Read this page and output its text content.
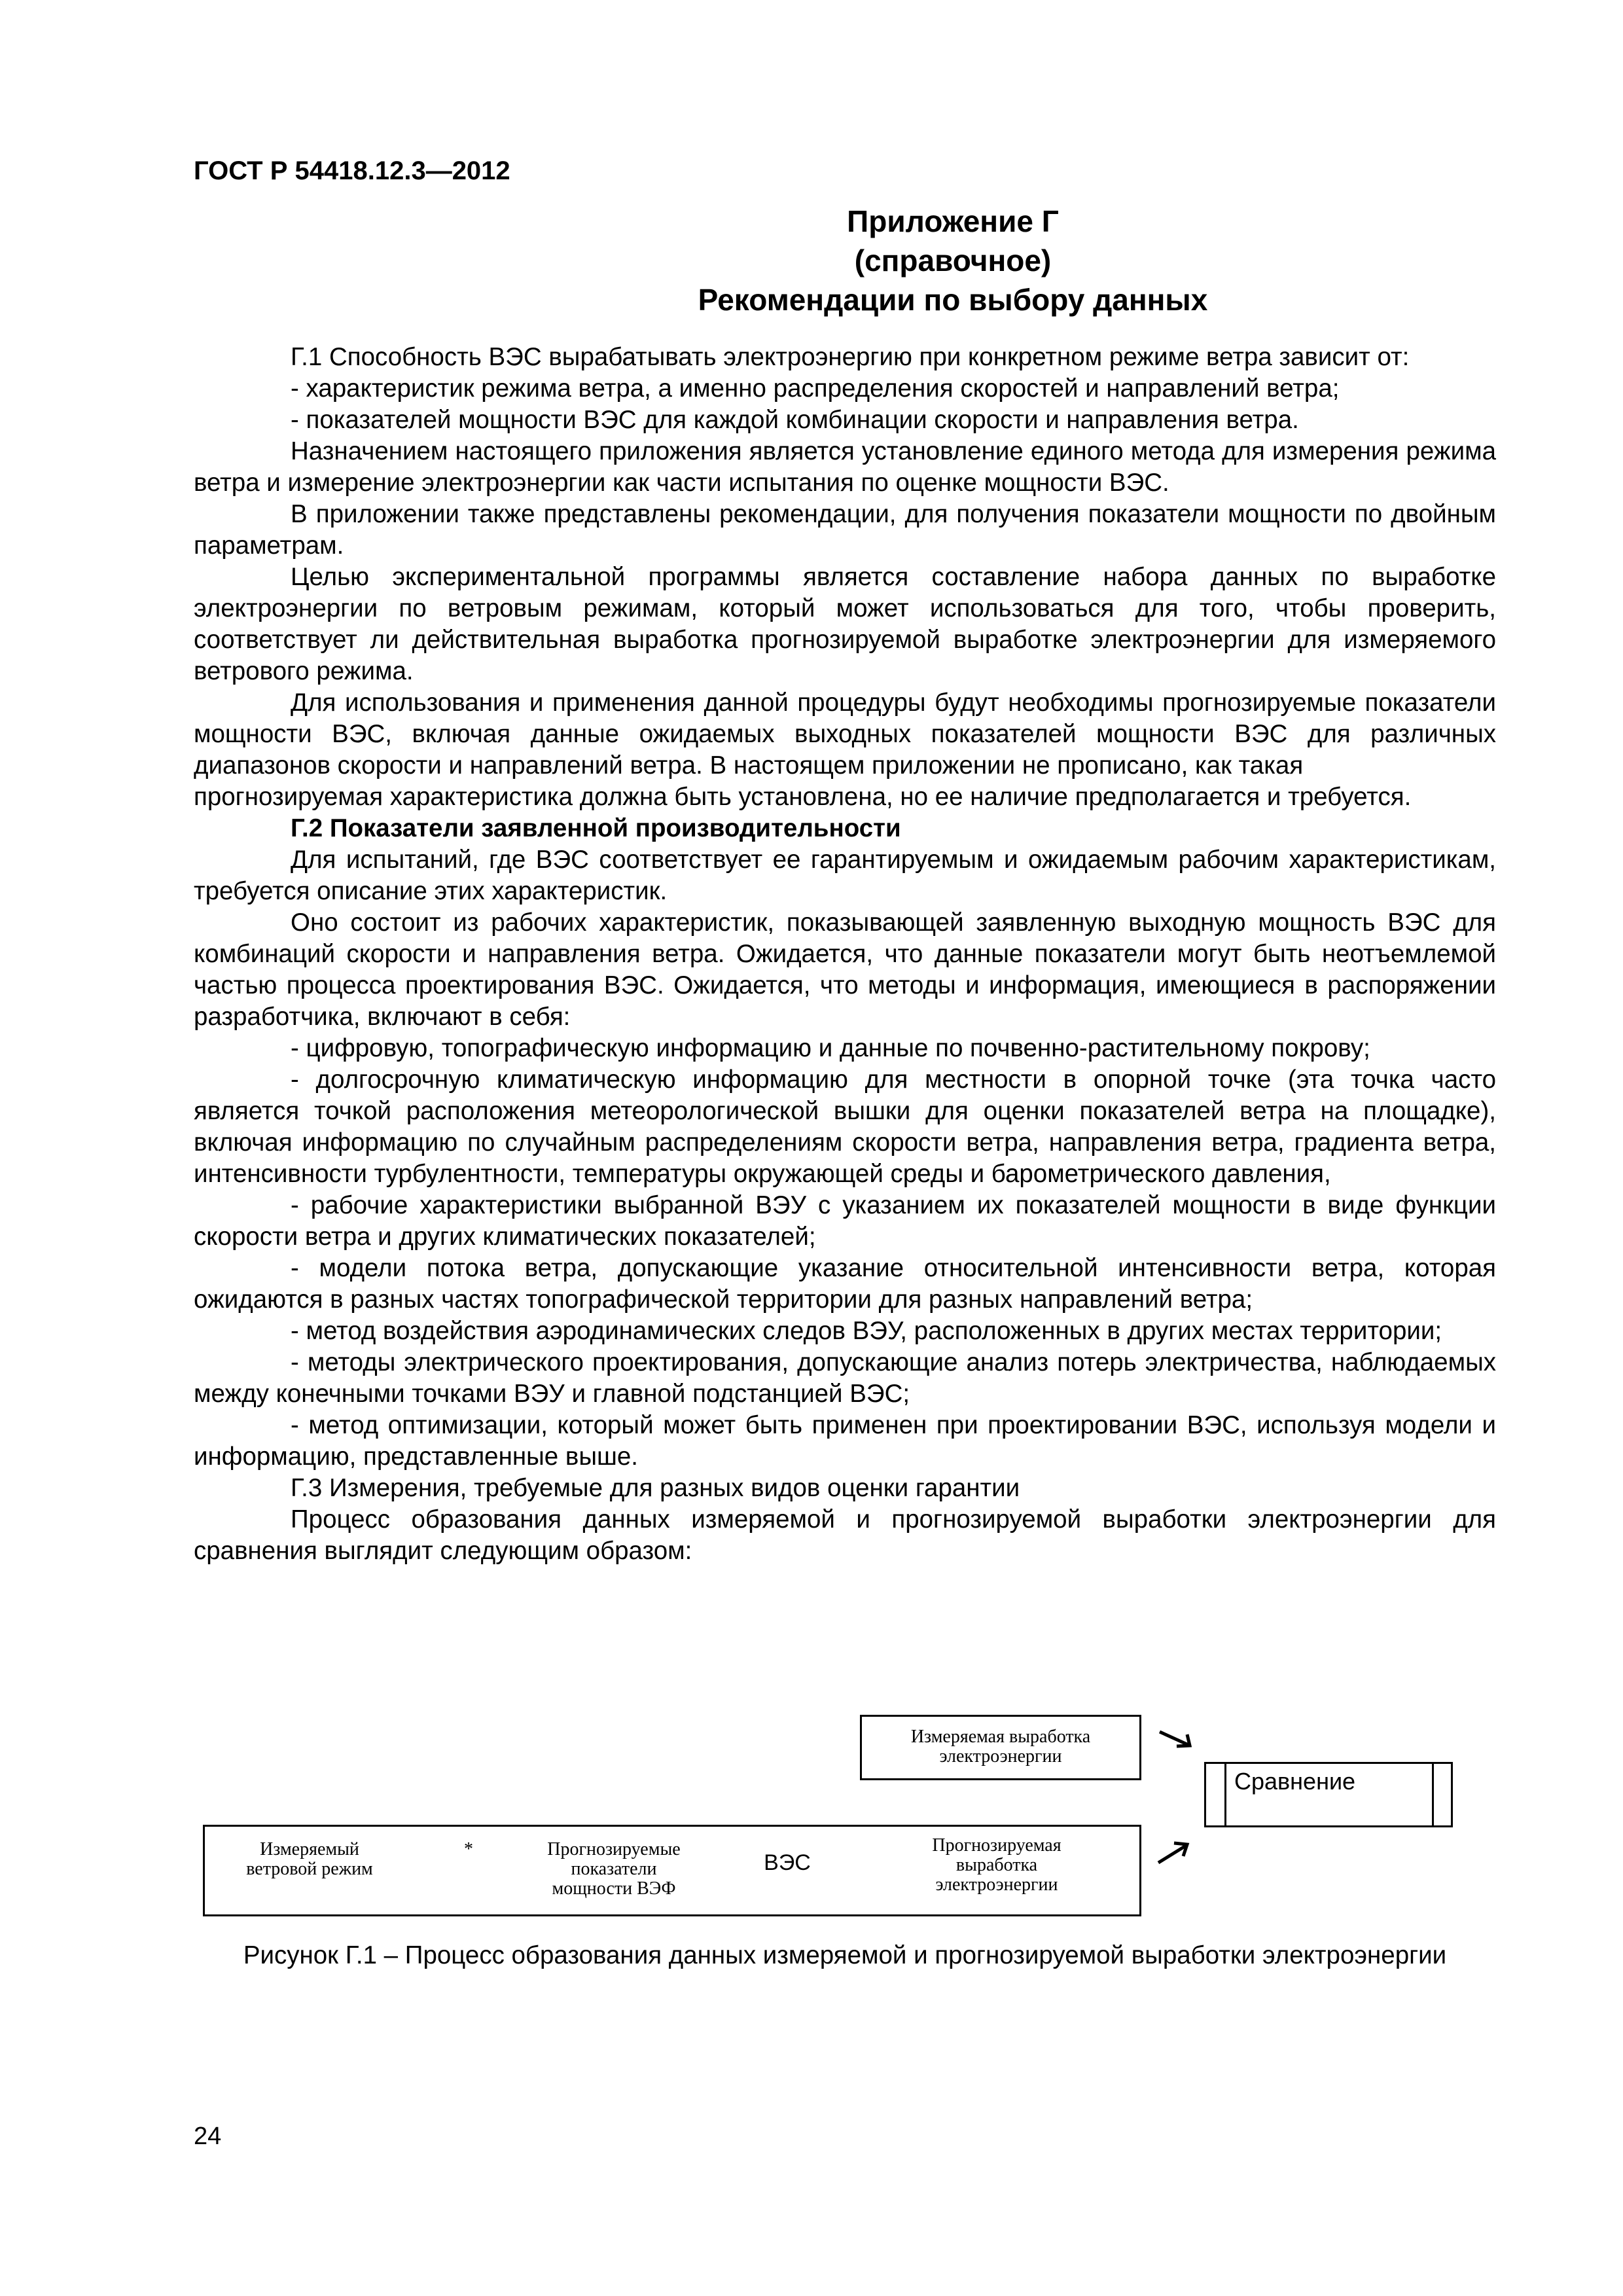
ГОСТ Р 54418.12.3—2012
Приложение Г
(справочное)
Рекомендации по выбору данных

Г.1 Способность ВЭС вырабатывать электроэнергию при конкретном режиме ветра зависит от:

- характеристик режима ветра, а именно распределения скоростей и направлений ветра;

- показателей мощности ВЭС для каждой комбинации скорости и направления ветра.

Назначением настоящего приложения является установление единого метода для измерения режима ветра и измерение электроэнергии как части испытания по оценке мощности ВЭС.

В приложении также представлены рекомендации, для получения показатели мощности по двойным параметрам.

Целью экспериментальной программы является составление набора данных по выработке электроэнергии по ветровым режимам, который может использоваться для того, чтобы проверить, соответствует ли действительная выработка прогнозируемой выработке электроэнергии для измеряемого ветрового режима.

Для использования и применения данной процедуры будут необходимы прогнозируемые показатели мощности ВЭС, включая данные ожидаемых выходных показателей мощности ВЭС для различных диапазонов скорости и направлений ветра. В настоящем приложении не прописано, как такая

прогнозируемая характеристика должна быть установлена, но ее наличие предполагается и требуется.

Г.2 Показатели заявленной производительности

Для испытаний, где ВЭС соответствует ее гарантируемым и ожидаемым рабочим характеристикам, требуется описание этих характеристик.

Оно состоит из рабочих характеристик, показывающей заявленную выходную мощность ВЭС для комбинаций скорости и направления ветра. Ожидается, что данные показатели могут быть неотъемлемой частью процесса проектирования ВЭС. Ожидается, что методы и информация, имеющиеся в распоряжении разработчика, включают в себя:

- цифровую, топографическую информацию и данные по почвенно-растительному покрову;

- долгосрочную климатическую информацию для местности в опорной точке (эта точка часто является точкой расположения метеорологической вышки для оценки показателей ветра на площадке), включая информацию по случайным распределениям скорости ветра, направления ветра, градиента ветра, интенсивности турбулентности, температуры окружающей среды и барометрического давления,

- рабочие характеристики выбранной ВЭУ с указанием их показателей мощности в виде функции скорости ветра и других климатических показателей;

- модели потока ветра, допускающие указание относительной интенсивности ветра, которая ожидаются в разных частях топографической территории для разных направлений ветра;

- метод воздействия аэродинамических следов ВЭУ, расположенных в других местах территории;

- методы электрического проектирования, допускающие анализ потерь электричества, наблюдаемых между конечными точками ВЭУ и главной подстанцией ВЭС;

- метод оптимизации, который может быть применен при проектировании ВЭС, используя модели и информацию, представленные выше.

Г.3 Измерения, требуемые для разных видов оценки гарантии

Процесс образования данных измеряемой и прогнозируемой выработки электроэнергии для сравнения выглядит следующим образом:

Измеряемая выработка
электроэнергии
Сравнение
Измеряемый
ветровой режим
*	Прогнозируемые
показатели
мощности ВЭФ
ВЭС
Прогнозируемая
выработка
электроэнергии
Рисунок Г.1 – Процесс образования данных измеряемой и прогнозируемой выработки электроэнергии
24
